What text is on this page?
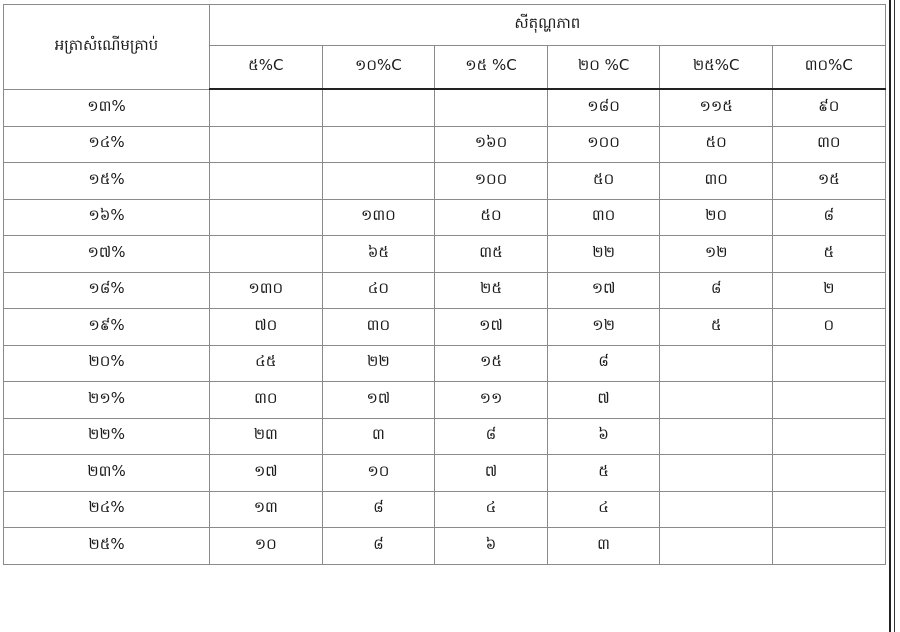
អត្រាសំណើមគ្រាប់	សីតុណ្ហភាព					
	៥%C	១០%C	១៥ %C	២០ %C	២៥%C	៣០%C
១៣%				១៨០	១១៥	៩០
១៤%			១៦០	១០០	៥០	៣០
១៥%			១០០	៥០	៣០	១៥
១៦%		១៣០	៥០	៣០	២០	៨
១៧%		៦៥	៣៥	២២	១២	៥
១៨%	១៣០	៤០	២៥	១៧	៨	២
១៩%	៧០	៣០	១៧	១២	៥	០
២០%	៤៥	២២	១៥	៨		
២១%	៣០	១៧	១១	៧		
២២%	២៣	៣	៨	៦		
២៣%	១៧	១០	៧	៥		
២៤%	១៣	៨	៤	៤		
២៥%	១០	៨	៦	៣		
